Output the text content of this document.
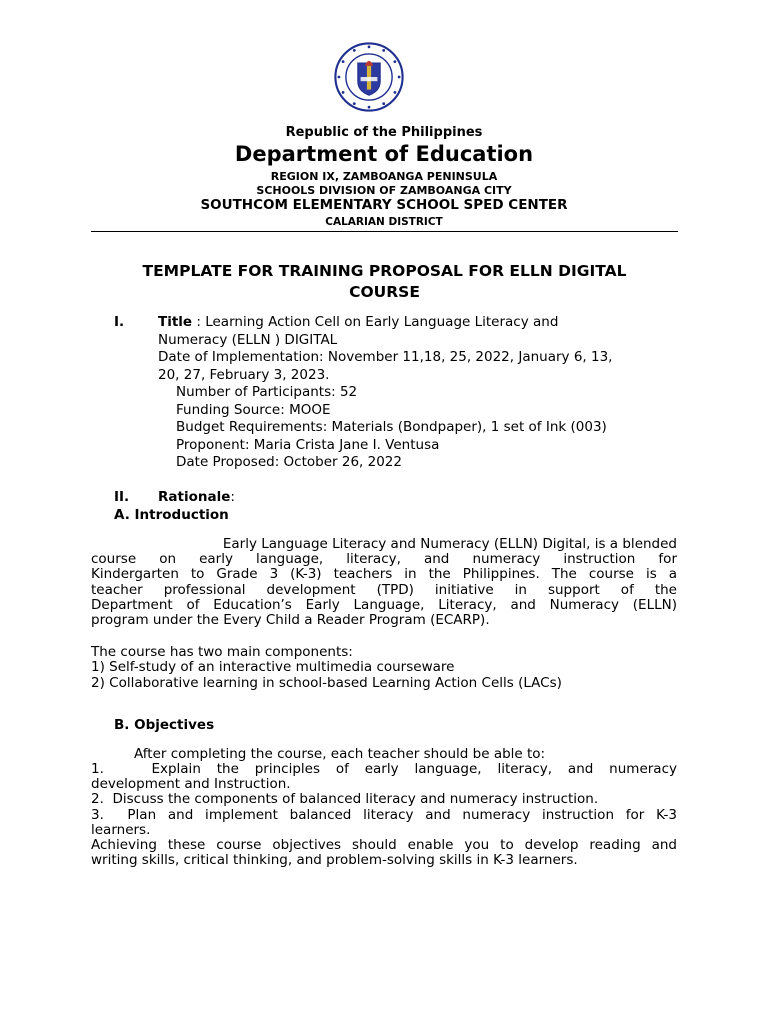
Republic of the Philippines
Department of Education
REGION IX, ZAMBOANGA PENINSULA
SCHOOLS DIVISION OF ZAMBOANGA CITY
SOUTHCOM ELEMENTARY SCHOOL SPED CENTER
CALARIAN DISTRICT
TEMPLATE FOR TRAINING PROPOSAL FOR ELLN DIGITAL
COURSE
I.	Title : Learning Action Cell on Early Language Literacy and
Numeracy (ELLN ) DIGITAL
Date of Implementation: November 11,18, 25, 2022, January 6, 13,
20, 27, February 3, 2023.
Number of Participants: 52
Funding Source: MOOE
Budget Requirements: Materials (Bondpaper), 1 set of Ink (003)
Proponent: Maria Crista Jane I. Ventusa
Date Proposed: October 26, 2022
II. Rationale:
A. Introduction
Early Language Literacy and Numeracy (ELLN) Digital, is a blended
course on early language, literacy, and numeracy instruction for
Kindergarten to Grade 3 (K-3) teachers in the Philippines. The course is a
teacher professional development (TPD) initiative in support of the
Department of Education’s Early Language, Literacy, and Numeracy (ELLN)
program under the Every Child a Reader Program (ECARP).
The course has two main components:
1) Self-study of an interactive multimedia courseware
2) Collaborative learning in school-based Learning Action Cells (LACs)
B. Objectives
After completing the course, each teacher should be able to:
1.   Explain the principles of early language, literacy, and numeracy
development and Instruction.
2.  Discuss the components of balanced literacy and numeracy instruction.
3.  Plan and implement balanced literacy and numeracy instruction for K-3
learners.
Achieving these course objectives should enable you to develop reading and
writing skills, critical thinking, and problem-solving skills in K-3 learners.
